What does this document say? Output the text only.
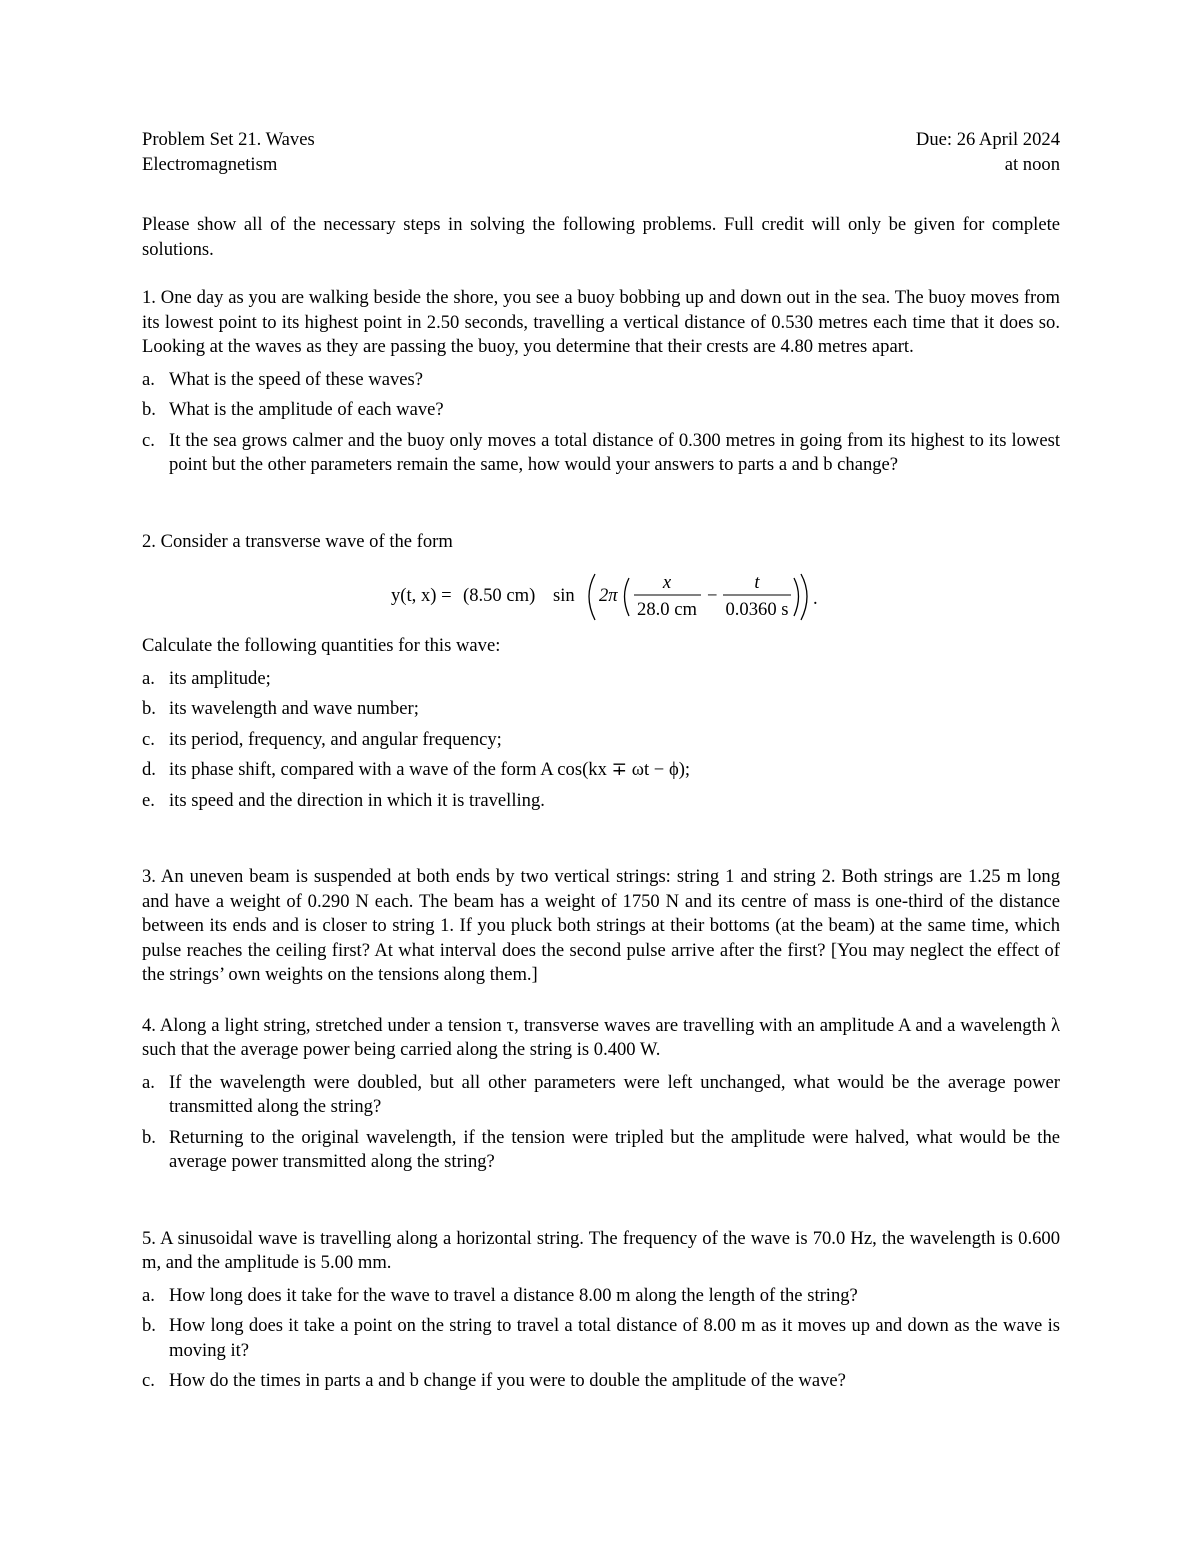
Problem Set 21. Waves
Electromagnetism
Due: 26 April 2024
at noon

Please show all of the necessary steps in solving the following problems. Full credit will only be given for complete solutions.

1. One day as you are walking beside the shore, you see a buoy bobbing up and down out in the sea. The buoy moves from its lowest point to its highest point in 2.50 seconds, travelling a vertical distance of 0.530 metres each time that it does so. Looking at the waves as they are passing the buoy, you determine that their crests are 4.80 metres apart.

a. What is the speed of these waves?
b. What is the amplitude of each wave?
c. It the sea grows calmer and the buoy only moves a total distance of 0.300 metres in going from its highest to its lowest point but the other parameters remain the same, how would your answers to parts a and b change?

2. Consider a transverse wave of the form

y(t, x) = (8.50 cm) sin 2π
x
28.0 cm
−
t
0.0360 s
.

Calculate the following quantities for this wave:

a. its amplitude;
b. its wavelength and wave number;
c. its period, frequency, and angular frequency;
d. its phase shift, compared with a wave of the form A cos(kx ∓ ωt − ϕ);
e. its speed and the direction in which it is travelling.

3. An uneven beam is suspended at both ends by two vertical strings: string 1 and string 2. Both strings are 1.25 m long and have a weight of 0.290 N each. The beam has a weight of 1750 N and its centre of mass is one-third of the distance between its ends and is closer to string 1. If you pluck both strings at their bottoms (at the beam) at the same time, which pulse reaches the ceiling first? At what interval does the second pulse arrive after the first? [You may neglect the effect of the strings’ own weights on the tensions along them.]

4. Along a light string, stretched under a tension τ, transverse waves are travelling with an amplitude A and a wavelength λ such that the average power being carried along the string is 0.400 W.

a. If the wavelength were doubled, but all other parameters were left unchanged, what would be the average power transmitted along the string?
b. Returning to the original wavelength, if the tension were tripled but the amplitude were halved, what would be the average power transmitted along the string?

5. A sinusoidal wave is travelling along a horizontal string. The frequency of the wave is 70.0 Hz, the wavelength is 0.600 m, and the amplitude is 5.00 mm.

a. How long does it take for the wave to travel a distance 8.00 m along the length of the string?
b. How long does it take a point on the string to travel a total distance of 8.00 m as it moves up and down as the wave is moving it?
c. How do the times in parts a and b change if you were to double the amplitude of the wave?
